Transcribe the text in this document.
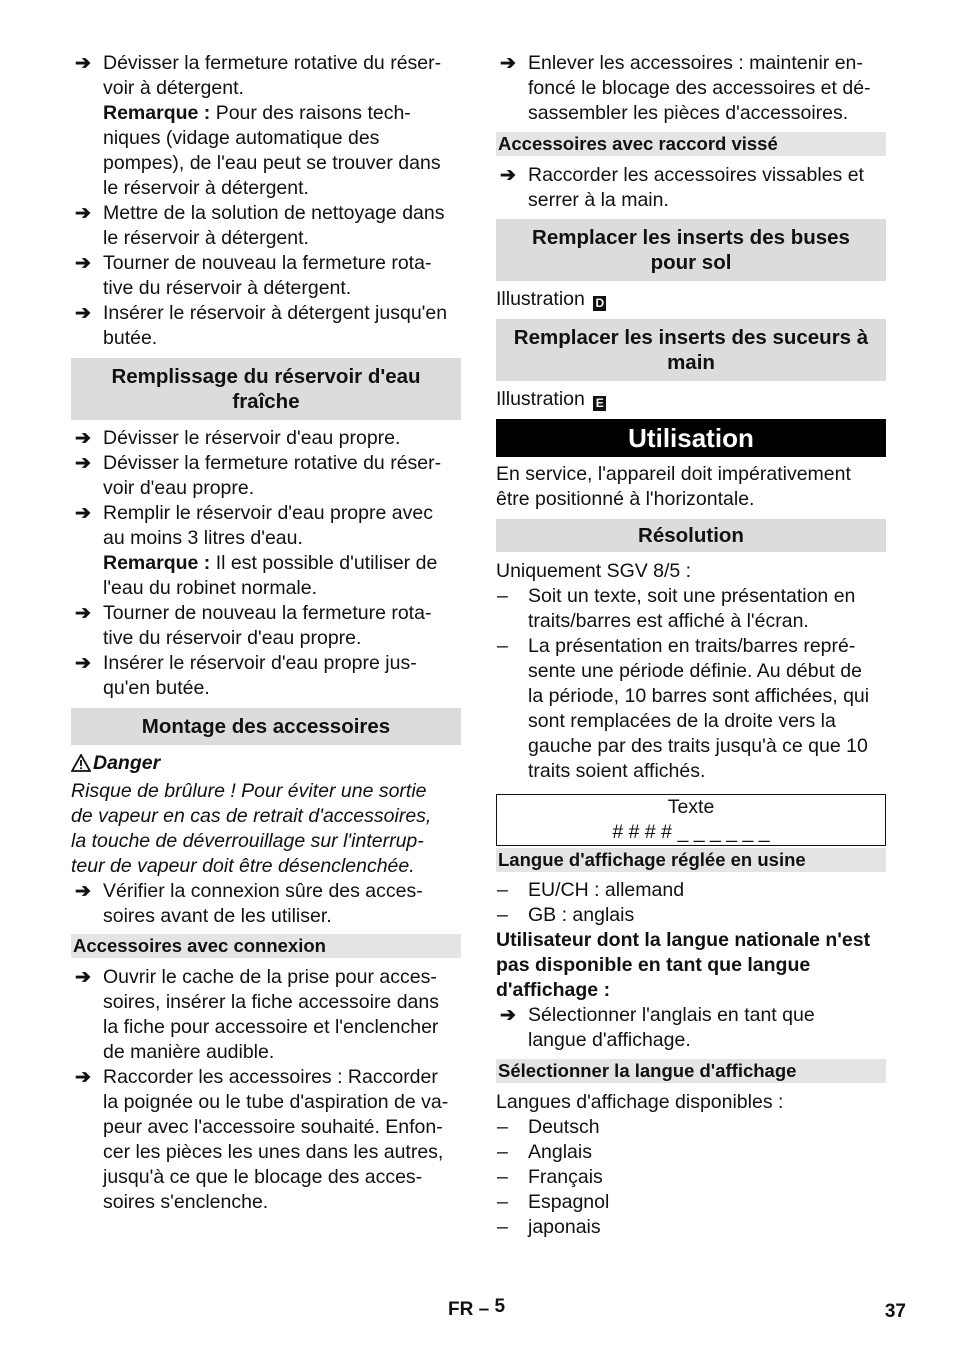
➔ Dévisser la fermeture rotative du réser-
voir à détergent.
Remarque : Pour des raisons tech-
niques (vidage automatique des
pompes), de l'eau peut se trouver dans
le réservoir à détergent.
➔ Mettre de la solution de nettoyage dans
le réservoir à détergent.
➔ Tourner de nouveau la fermeture rota-
tive du réservoir à détergent.
➔ Insérer le réservoir à détergent jusqu'en
butée.
Remplissage du réservoir d'eau
fraîche
➔ Dévisser le réservoir d'eau propre.
➔ Dévisser la fermeture rotative du réser-
voir d'eau propre.
➔ Remplir le réservoir d'eau propre avec
au moins 3 litres d'eau.
Remarque : Il est possible d'utiliser de
l'eau du robinet normale.
➔ Tourner de nouveau la fermeture rota-
tive du réservoir d'eau propre.
➔ Insérer le réservoir d'eau propre jus-
qu'en butée.
Montage des accessoires
Danger
Risque de brûlure ! Pour éviter une sortie
de vapeur en cas de retrait d'accessoires,
la touche de déverrouillage sur l'interrup-
teur de vapeur doit être désenclenchée.
➔ Vérifier la connexion sûre des acces-
soires avant de les utiliser.
Accessoires avec connexion
➔ Ouvrir le cache de la prise pour acces-
soires, insérer la fiche accessoire dans
la fiche pour accessoire et l'enclencher
de manière audible.
➔ Raccorder les accessoires : Raccorder
la poignée ou le tube d'aspiration de va-
peur avec l'accessoire souhaité. Enfon-
cer les pièces les unes dans les autres,
jusqu'à ce que le blocage des acces-
soires s'enclenche.
➔ Enlever les accessoires : maintenir en-
foncé le blocage des accessoires et dé-
sassembler les pièces d'accessoires.
Accessoires avec raccord vissé
➔ Raccorder les accessoires vissables et
serrer à la main.
Remplacer les inserts des buses
pour sol
Illustration D
Remplacer les inserts des suceurs à
main
Illustration E
Utilisation
En service, l'appareil doit impérativement
être positionné à l'horizontale.
Résolution
Uniquement SGV 8/5 :
– Soit un texte, soit une présentation en
traits/barres est affiché à l'écran.
– La présentation en traits/barres repré-
sente une période définie. Au début de
la période, 10 barres sont affichées, qui
sont remplacées de la droite vers la
gauche par des traits jusqu'à ce que 10
traits soient affichés.
Texte
# # # # _ _ _ _ _ _
Langue d'affichage réglée en usine
– EU/CH : allemand
– GB : anglais
Utilisateur dont la langue nationale n'est
pas disponible en tant que langue
d'affichage :
➔ Sélectionner l'anglais en tant que
langue d'affichage.
Sélectionner la langue d'affichage
Langues d'affichage disponibles :
– Deutsch
– Anglais
– Français
– Espagnol
– japonais
FR – 5	37
